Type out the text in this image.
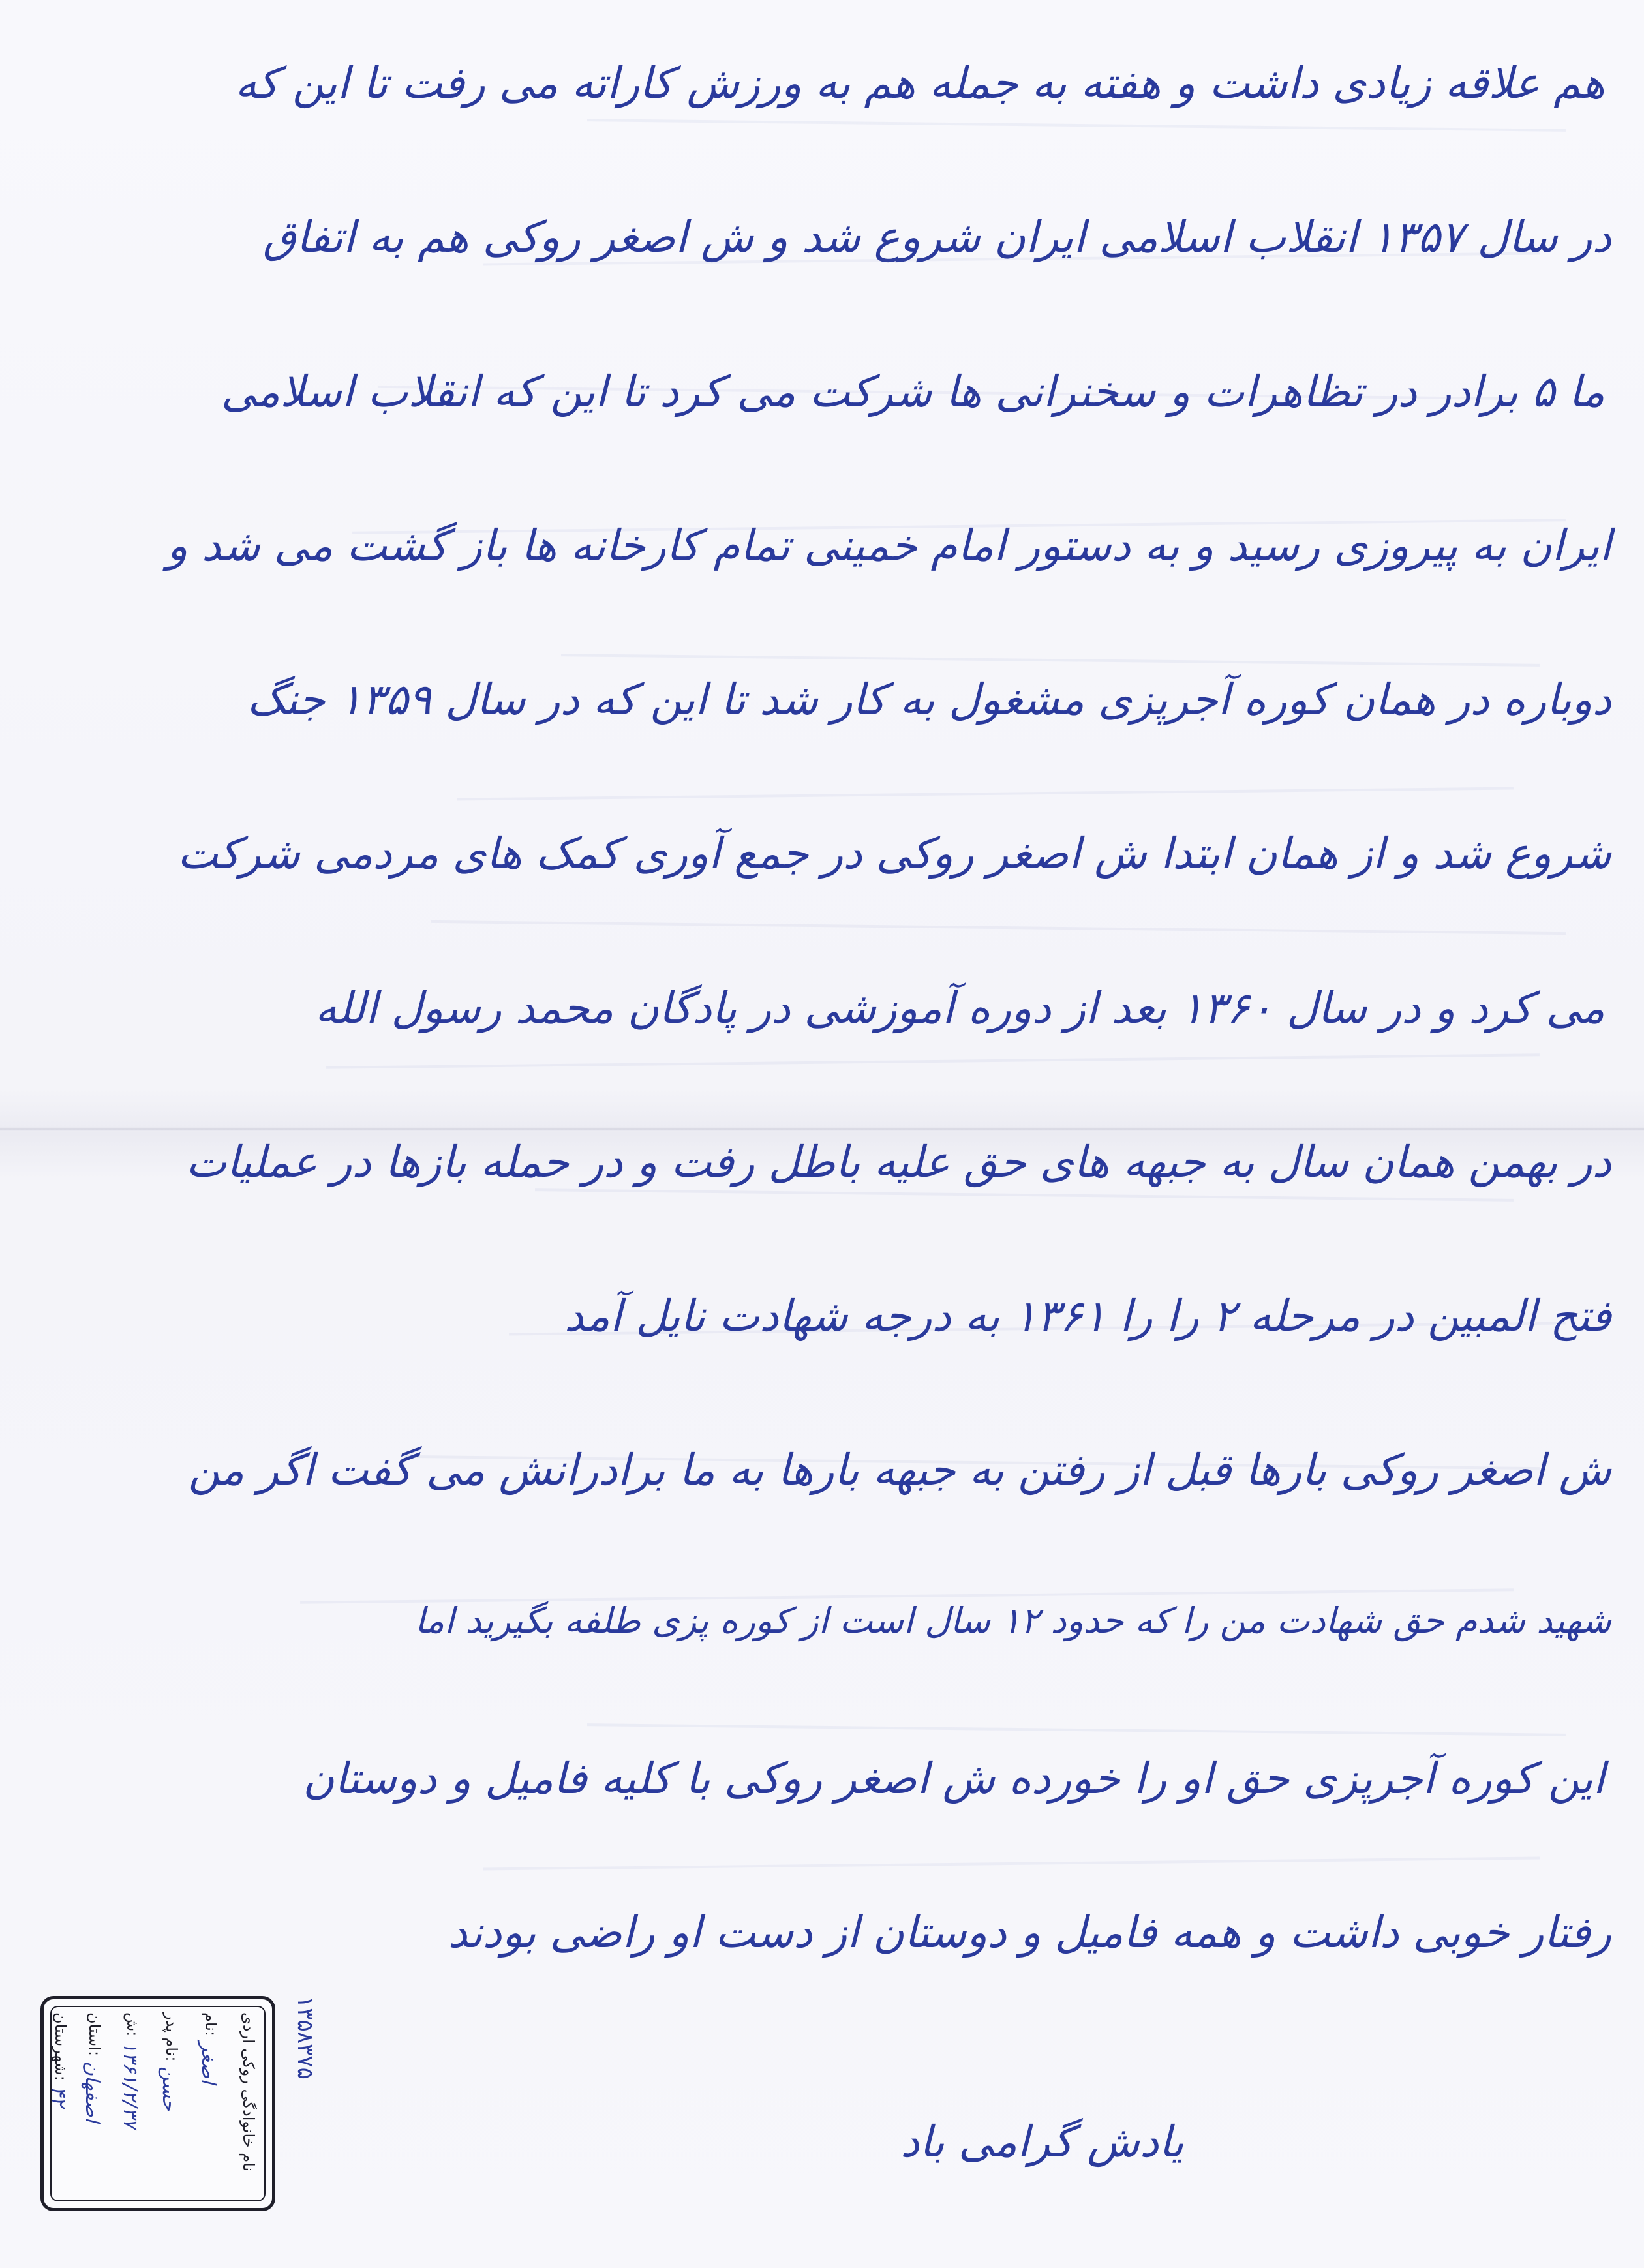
هم علاقه زیادی داشت و هفته به جمله هم به ورزش کاراته می رفت تا این که
در سال ۱۳۵۷ انقلاب اسلامی ایران شروع شد و ش اصغر روکی هم به اتفاق
ما ۵ برادر در تظاهرات و سخنرانی ها شرکت می کرد تا این که انقلاب اسلامی
ایران به پیروزی رسید و به دستور امام خمینی تمام کارخانه ها باز گشت می شد و
دوباره در همان کوره آجرپزی مشغول به کار شد تا این که در سال ۱۳۵۹ جنگ
شروع شد و از همان ابتدا ش اصغر روکی در جمع آوری کمک های مردمی شرکت
می کرد و در سال ۱۳۶۰ بعد از دوره آموزشی در پادگان محمد رسول الله
در بهمن همان سال به جبهه های حق علیه باطل رفت و در حمله بازها در عملیات
فتح المبین در مرحله ۲ را را ۱۳۶۱ به درجه شهادت نایل آمد
ش اصغر روکی بارها قبل از رفتن به جبهه بارها به ما برادرانش می گفت اگر من
شهید شدم حق شهادت من را که حدود ۱۲ سال است از کوره پزی طلفه بگیرید اما
این کوره آجرپزی حق او را خورده ش اصغر روکی با کلیه فامیل و دوستان
رفتار خوبی داشت و همه فامیل و دوستان از دست او راضی بودند
نام خانوادگی روکی اردی
نام:
اصغر
نام پدر:
حسن
ش:
۱۳۶۱/۲/۳۷
استان:
اصفهان
شهرستان:
۴۲
۱۳۵۸۳۷۵
یادش گرامی باد
